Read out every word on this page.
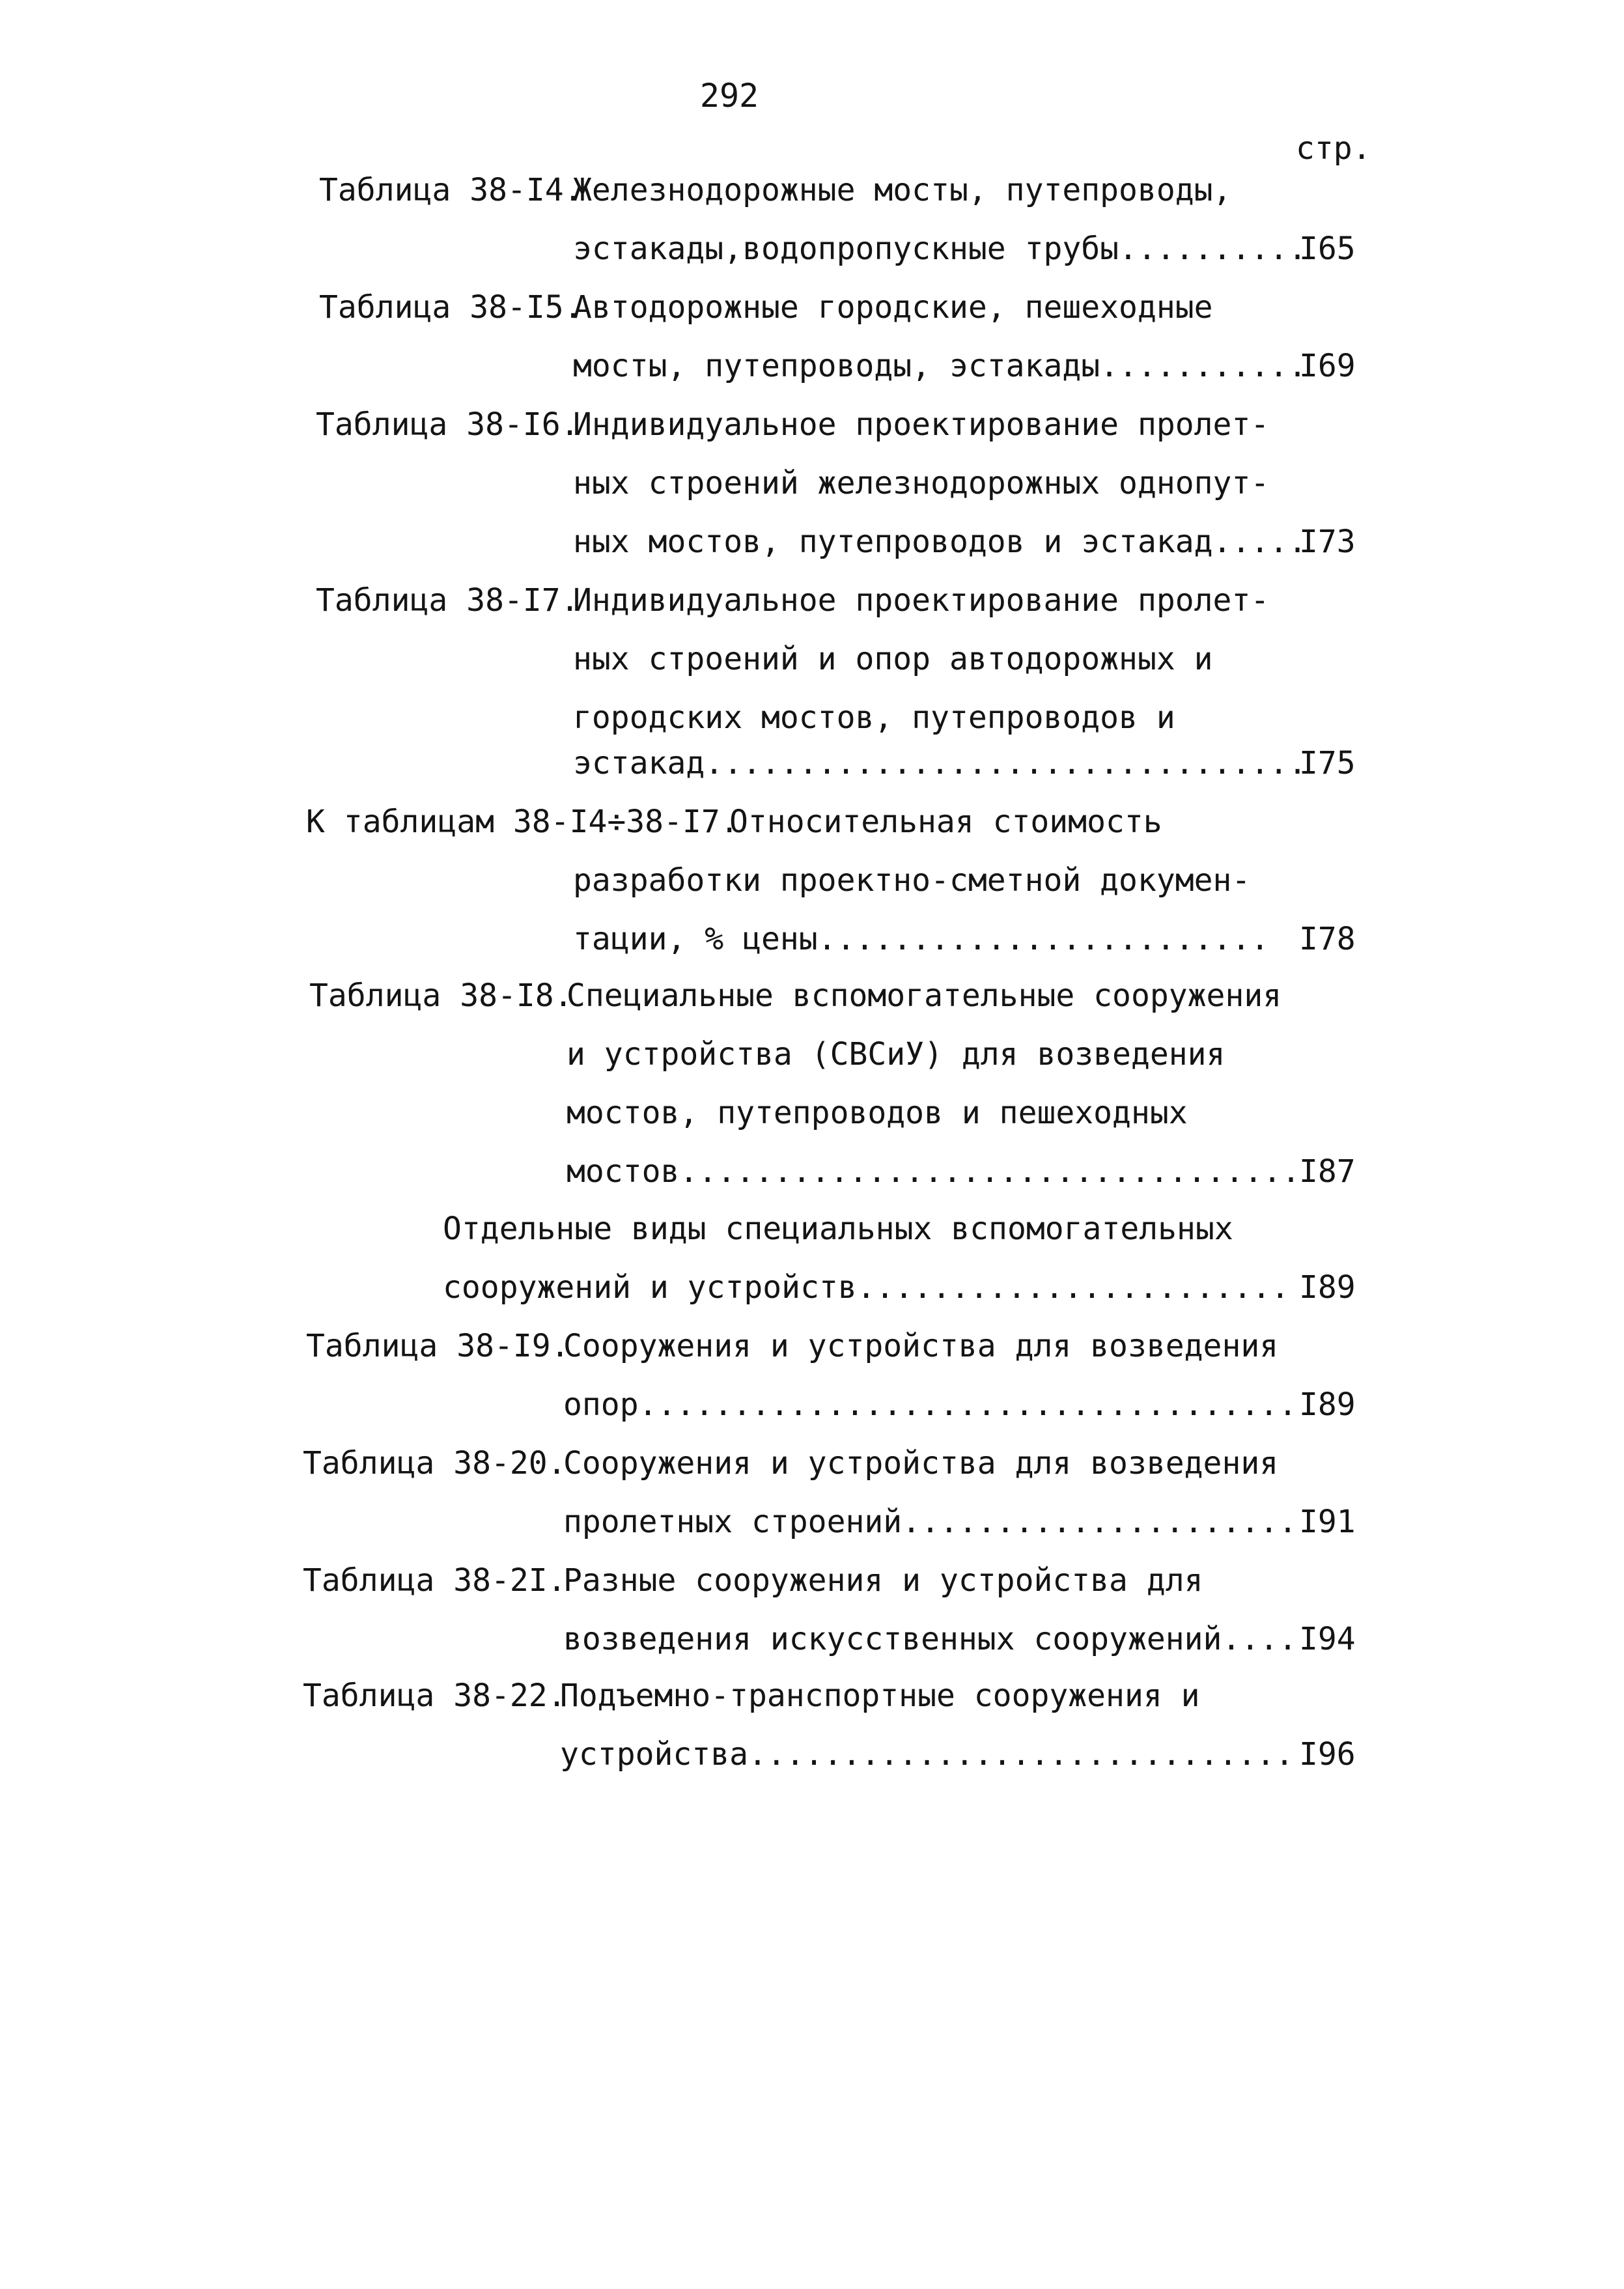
292
стр.
Таблица 38-I4.
Железнодорожные мосты, путепроводы,
эстакады,водопропускные трубы..........
I65
Таблица 38-I5.
Автодорожные городские, пешеходные
мосты, путепроводы, эстакады...........
I69
Таблица 38-I6.
Индивидуальное проектирование пролет-
ных строений железнодорожных однопут-
ных мостов, путепроводов и эстакад.....
I73
Таблица 38-I7.
Индивидуальное проектирование пролет-
ных строений и опор автодорожных и
городских мостов, путепроводов и
эстакад................................
I75
К таблицам 38-I4÷38-I7.
Относительная стоимость
разработки проектно-сметной докумен-
тации, % цены........................ I78
Таблица 38-I8.
Специальные вспомогательные сооружения
и устройства (СВСиУ) для возведения
мостов, путепроводов и пешеходных
мостов.................................
I87
Отдельные виды специальных вспомогательных
сооружений и устройств....................... I89
Таблица 38-I9.
Сооружения и устройства для возведения
опор................................... I89
Таблица 38-20.
Сооружения и устройства для возведения
пролетных строений..................... I91
Таблица 38-2I.
Разные сооружения и устройства для
возведения искусственных сооружений.... I94
Таблица 38-22.
Подъемно-транспортные сооружения и
устройства............................. I96
